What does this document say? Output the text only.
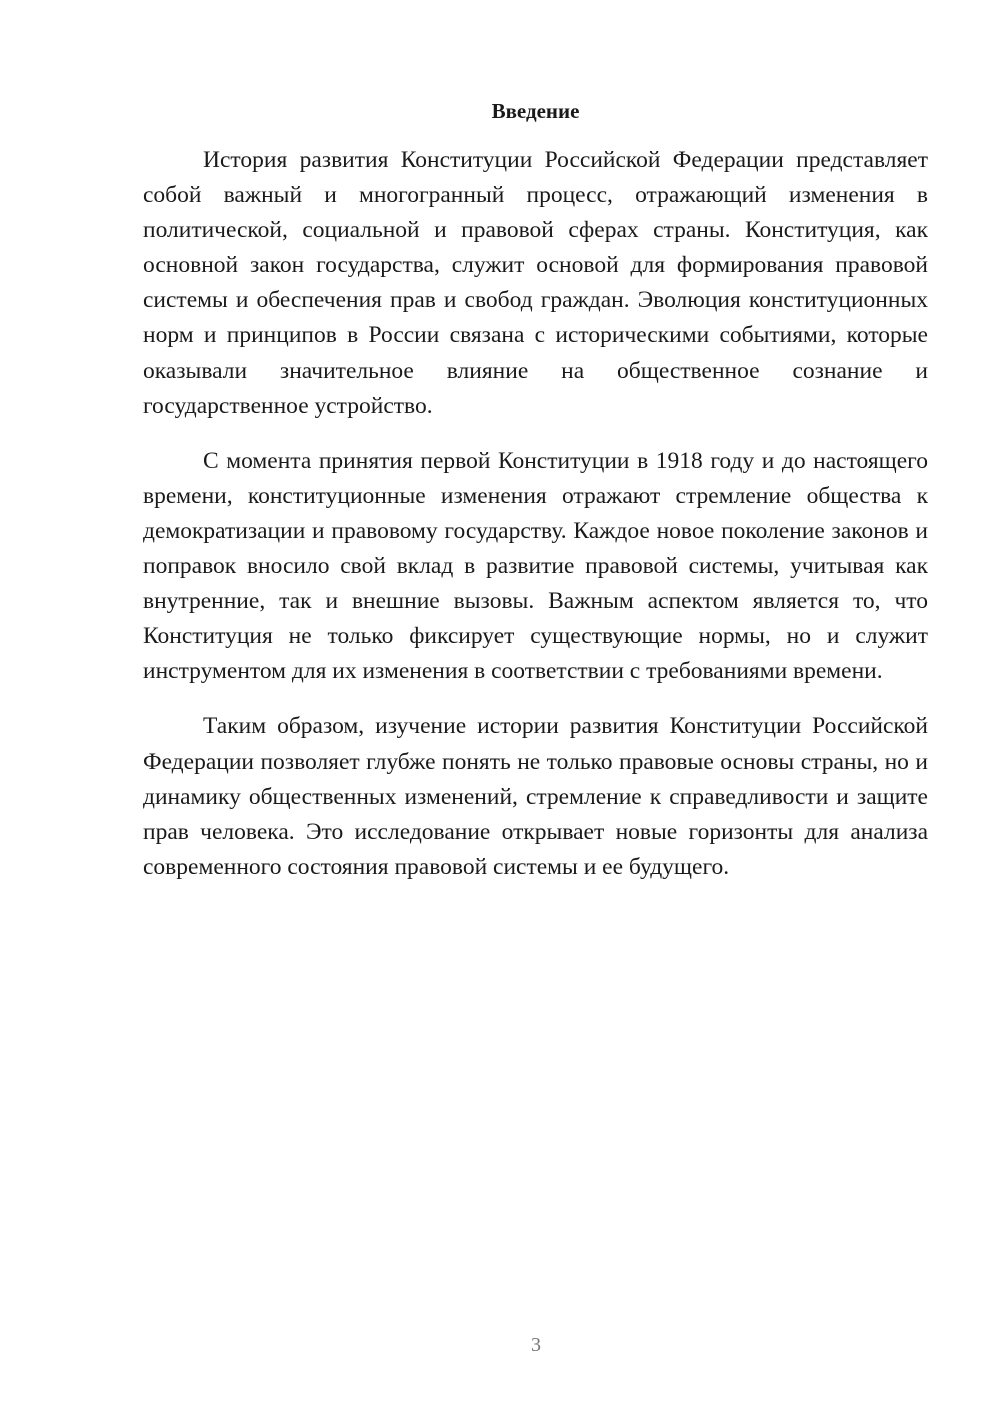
Введение

История развития Конституции Российской Федерации представляет собой важный и многогранный процесс, отражающий изменения в политической, социальной и правовой сферах страны. Конституция, как основной закон государства, служит основой для формирования правовой системы и обеспечения прав и свобод граждан. Эволюция конституционных норм и принципов в России связана с историческими событиями, которые оказывали значительное влияние на общественное сознание и государственное устройство.

С момента принятия первой Конституции в 1918 году и до настоящего времени, конституционные изменения отражают стремление общества к демократизации и правовому государству. Каждое новое поколение законов и поправок вносило свой вклад в развитие правовой системы, учитывая как внутренние, так и внешние вызовы. Важным аспектом является то, что Конституция не только фиксирует существующие нормы, но и служит инструментом для их изменения в соответствии с требованиями времени.

Таким образом, изучение истории развития Конституции Российской Федерации позволяет глубже понять не только правовые основы страны, но и динамику общественных изменений, стремление к справедливости и защите прав человека. Это исследование открывает новые горизонты для анализа современного состояния правовой системы и ее будущего.

3
